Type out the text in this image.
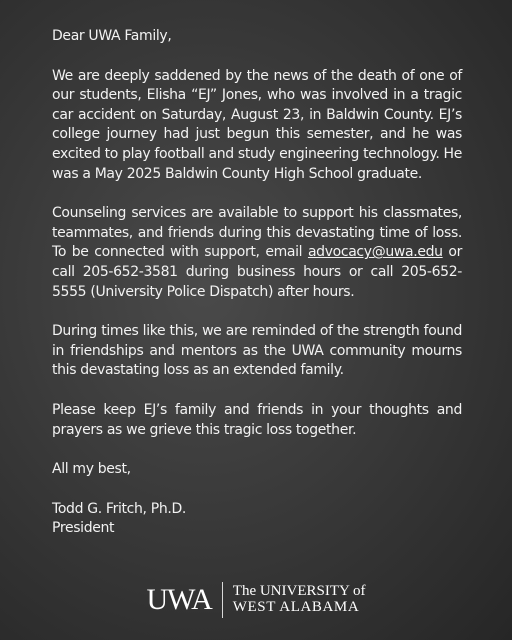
Dear UWA Family,

We are deeply saddened by the news of the death of one of our students, Elisha “EJ” Jones, who was involved in a tragic car accident on Saturday, August 23, in Baldwin County. EJ’s college journey had just begun this semester, and he was excited to play football and study engineering technology. He was a May 2025 Baldwin County High School graduate.

Counseling services are available to support his classmates, teammates, and friends during this devastating time of loss. To be connected with support, email advocacy@uwa.edu or call 205-652-3581 during business hours or call 205-652-5555 (University Police Dispatch) after hours.

During times like this, we are reminded of the strength found in friendships and mentors as the UWA community mourns this devastating loss as an extended family.

Please keep EJ’s family and friends in your thoughts and prayers as we grieve this tragic loss together.

All my best,

Todd G. Fritch, Ph.D.
President

UWA The UNIVERSITY of
WEST ALABAMA
